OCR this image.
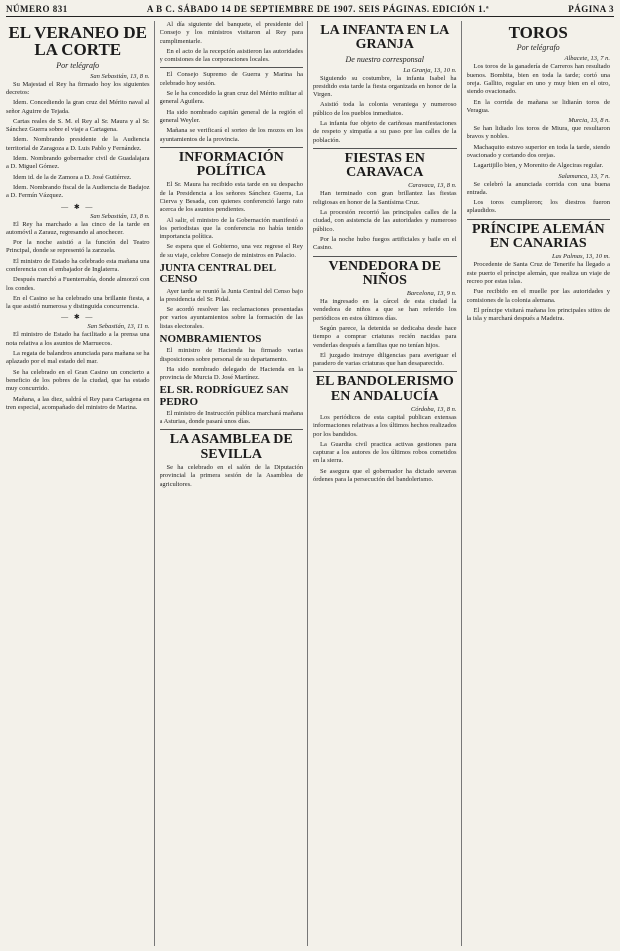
NÚMERO 831	A B C. SÁBADO 14 DE SEPTIEMBRE DE 1907. SEIS PÁGINAS. EDICIÓN 1.ª	PÁGINA 3
EL VERANEO DE LA CORTE
Por telégrafo
San Sebastián, 13, 8 n.

Su Majestad el Rey ha firmado hoy los siguientes decretos:

Idem. Concediendo la gran cruz del Mérito naval al señor Aguirre de Tejada.

Cartas reales de S. M. el Rey al Sr. Maura y al Sr. Sánchez Guerra sobre el viaje a Cartagena.

Idem. Nombrando presidente de la Audiencia territorial de Zaragoza a D. Luis Pablo y Fernández.

Idem. Nombrando gobernador civil de Guadalajara a D. Miguel Gómez.

Idem id. de la de Zamora a D. José Gutiérrez.

Idem. Nombrando fiscal de la Audiencia de Badajoz a D. Fermín Vázquez.

— ✱ —
San Sebastián, 13, 8 n.

El Rey ha marchado a las cinco de la tarde en automóvil a Zarauz, regresando al anochecer.

Por la noche asistió a la función del Teatro Principal, donde se representó la zarzuela.

El ministro de Estado ha celebrado esta mañana una conferencia con el embajador de Inglaterra.

Después marchó a Fuenterrabía, donde almorzó con los condes.

En el Casino se ha celebrado una brillante fiesta, a la que asistió numerosa y distinguida concurrencia.

— ✱ —
San Sebastián, 13, 11 n.

El ministro de Estado ha facilitado a la prensa una nota relativa a los asuntos de Marruecos.

La regata de balandros anunciada para mañana se ha aplazado por el mal estado del mar.

Se ha celebrado en el Gran Casino un concierto a beneficio de los pobres de la ciudad, que ha estado muy concurrido.

Mañana, a las diez, saldrá el Rey para Cartagena en tren especial, acompañado del ministro de Marina.

Al día siguiente del banquete, el presidente del Consejo y los ministros visitaron al Rey para cumplimentarle.

En el acto de la recepción asistieron las autoridades y comisiones de las corporaciones locales.

El Consejo Supremo de Guerra y Marina ha celebrado hoy sesión.

Se le ha concedido la gran cruz del Mérito militar al general Aguilera.

Ha sido nombrado capitán general de la región el general Weyler.

Mañana se verificará el sorteo de los mozos en los ayuntamientos de la provincia.

INFORMACIÓN POLÍTICA

El Sr. Maura ha recibido esta tarde en su despacho de la Presidencia a los señores Sánchez Guerra, La Cierva y Besada, con quienes conferenció largo rato acerca de los asuntos pendientes.

Al salir, el ministro de la Gobernación manifestó a los periodistas que la conferencia no había tenido importancia política.

Se espera que el Gobierno, una vez regrese el Rey de su viaje, celebre Consejo de ministros en Palacio.

JUNTA CENTRAL DEL CENSO

Ayer tarde se reunió la Junta Central del Censo bajo la presidencia del Sr. Pidal.

Se acordó resolver las reclamaciones presentadas por varios ayuntamientos sobre la formación de las listas electorales.

NOMBRAMIENTOS

El ministro de Hacienda ha firmado varias disposiciones sobre personal de su departamento.

Ha sido nombrado delegado de Hacienda en la provincia de Murcia D. José Martínez.

EL SR. RODRÍGUEZ SAN PEDRO

El ministro de Instrucción pública marchará mañana a Asturias, donde pasará unos días.

LA ASAMBLEA DE SEVILLA

Se ha celebrado en el salón de la Diputación provincial la primera sesión de la Asamblea de agricultores.

LA INFANTA EN LA GRANJA
De nuestro corresponsal
La Granja, 13, 10 n.

Siguiendo su costumbre, la infanta Isabel ha presidido esta tarde la fiesta organizada en honor de la Virgen.

Asistió toda la colonia veraniega y numeroso público de los pueblos inmediatos.

La infanta fue objeto de cariñosas manifestaciones de respeto y simpatía a su paso por las calles de la población.

FIESTAS EN CARAVACA
Caravaca, 13, 8 n.

Han terminado con gran brillantez las fiestas religiosas en honor de la Santísima Cruz.

La procesión recorrió las principales calles de la ciudad, con asistencia de las autoridades y numeroso público.

Por la noche hubo fuegos artificiales y baile en el Casino.

VENDEDORA DE NIÑOS
Barcelona, 13, 9 n.

Ha ingresado en la cárcel de esta ciudad la vendedora de niños a que se han referido los periódicos en estos últimos días.

Según parece, la detenida se dedicaba desde hace tiempo a comprar criaturas recién nacidas para venderlas después a familias que no tenían hijos.

El juzgado instruye diligencias para averiguar el paradero de varias criaturas que han desaparecido.

EL BANDOLERISMO EN ANDALUCÍA
Córdoba, 13, 8 n.

Los periódicos de esta capital publican extensas informaciones relativas a los últimos hechos realizados por los bandidos.

La Guardia civil practica activas gestiones para capturar a los autores de los últimos robos cometidos en la sierra.

Se asegura que el gobernador ha dictado severas órdenes para la persecución del bandolerismo.

TOROS
Por telégrafo
Albacete, 13, 7 n.

Los toros de la ganadería de Carreros han resultado buenos. Bombita, bien en toda la tarde; cortó una oreja. Gallito, regular en uno y muy bien en el otro, siendo ovacionado.

En la corrida de mañana se lidiarán toros de Veragua.

Murcia, 13, 8 n.

Se han lidiado los toros de Miura, que resultaron bravos y nobles.

Machaquito estuvo superior en toda la tarde, siendo ovacionado y cortando dos orejas.

Lagartijillo bien, y Morenito de Algeciras regular.

Salamanca, 13, 7 n.

Se celebró la anunciada corrida con una buena entrada.

Los toros cumplieron; los diestros fueron aplaudidos.

PRÍNCIPE ALEMÁN EN CANARIAS
Las Palmas, 13, 10 m.

Procedente de Santa Cruz de Tenerife ha llegado a este puerto el príncipe alemán, que realiza un viaje de recreo por estas islas.

Fue recibido en el muelle por las autoridades y comisiones de la colonia alemana.

El príncipe visitará mañana los principales sitios de la isla y marchará después a Madeira.
